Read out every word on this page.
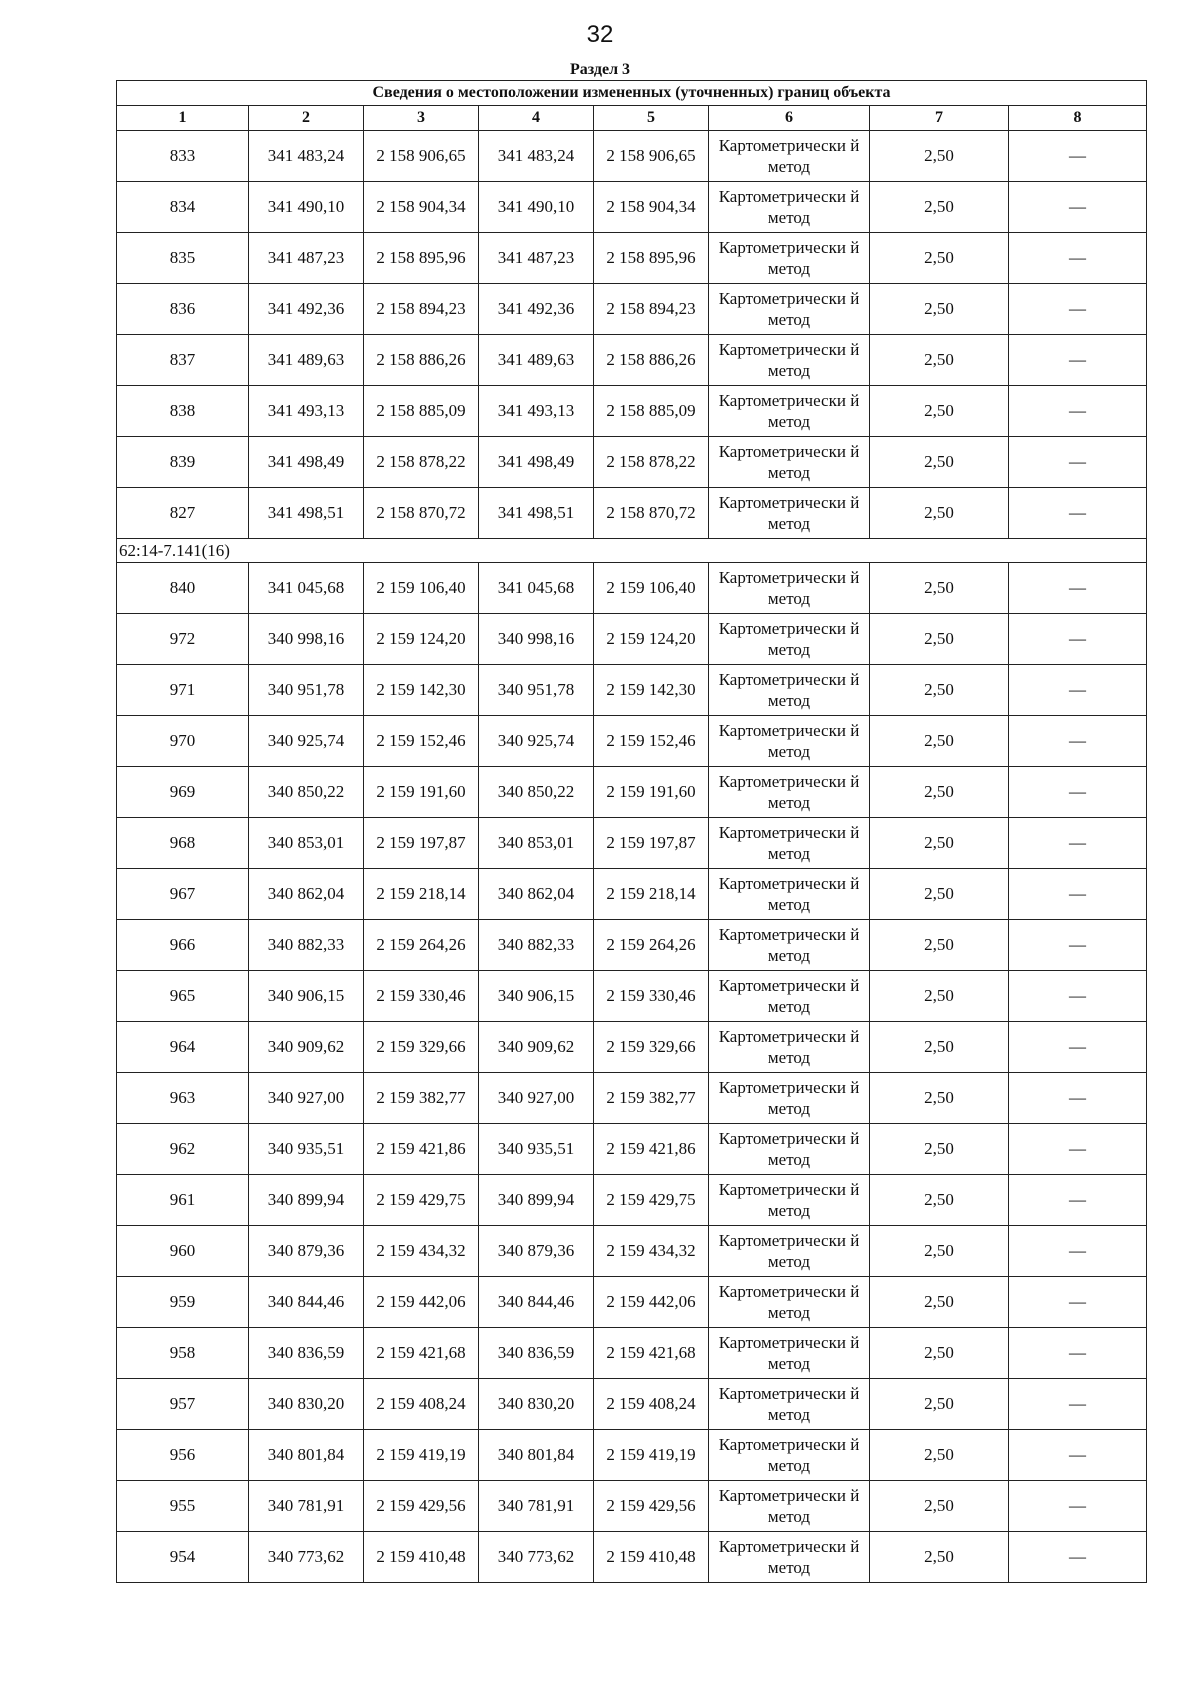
32
Раздел 3
Сведения о местоположении измененных (уточненных) границ объекта							
1	2	3	4	5	6	7	8
833	341 483,24	2 158 906,65	341 483,24	2 158 906,65	Картометрически й метод	2,50	—
834	341 490,10	2 158 904,34	341 490,10	2 158 904,34	Картометрически й метод	2,50	—
835	341 487,23	2 158 895,96	341 487,23	2 158 895,96	Картометрически й метод	2,50	—
836	341 492,36	2 158 894,23	341 492,36	2 158 894,23	Картометрически й метод	2,50	—
837	341 489,63	2 158 886,26	341 489,63	2 158 886,26	Картометрически й метод	2,50	—
838	341 493,13	2 158 885,09	341 493,13	2 158 885,09	Картометрически й метод	2,50	—
839	341 498,49	2 158 878,22	341 498,49	2 158 878,22	Картометрически й метод	2,50	—
827	341 498,51	2 158 870,72	341 498,51	2 158 870,72	Картометрически й метод	2,50	—
62:14-7.141(16)							
840	341 045,68	2 159 106,40	341 045,68	2 159 106,40	Картометрически й метод	2,50	—
972	340 998,16	2 159 124,20	340 998,16	2 159 124,20	Картометрически й метод	2,50	—
971	340 951,78	2 159 142,30	340 951,78	2 159 142,30	Картометрически й метод	2,50	—
970	340 925,74	2 159 152,46	340 925,74	2 159 152,46	Картометрически й метод	2,50	—
969	340 850,22	2 159 191,60	340 850,22	2 159 191,60	Картометрически й метод	2,50	—
968	340 853,01	2 159 197,87	340 853,01	2 159 197,87	Картометрически й метод	2,50	—
967	340 862,04	2 159 218,14	340 862,04	2 159 218,14	Картометрически й метод	2,50	—
966	340 882,33	2 159 264,26	340 882,33	2 159 264,26	Картометрически й метод	2,50	—
965	340 906,15	2 159 330,46	340 906,15	2 159 330,46	Картометрически й метод	2,50	—
964	340 909,62	2 159 329,66	340 909,62	2 159 329,66	Картометрически й метод	2,50	—
963	340 927,00	2 159 382,77	340 927,00	2 159 382,77	Картометрически й метод	2,50	—
962	340 935,51	2 159 421,86	340 935,51	2 159 421,86	Картометрически й метод	2,50	—
961	340 899,94	2 159 429,75	340 899,94	2 159 429,75	Картометрически й метод	2,50	—
960	340 879,36	2 159 434,32	340 879,36	2 159 434,32	Картометрически й метод	2,50	—
959	340 844,46	2 159 442,06	340 844,46	2 159 442,06	Картометрически й метод	2,50	—
958	340 836,59	2 159 421,68	340 836,59	2 159 421,68	Картометрически й метод	2,50	—
957	340 830,20	2 159 408,24	340 830,20	2 159 408,24	Картометрически й метод	2,50	—
956	340 801,84	2 159 419,19	340 801,84	2 159 419,19	Картометрически й метод	2,50	—
955	340 781,91	2 159 429,56	340 781,91	2 159 429,56	Картометрически й метод	2,50	—
954	340 773,62	2 159 410,48	340 773,62	2 159 410,48	Картометрически й метод	2,50	—
